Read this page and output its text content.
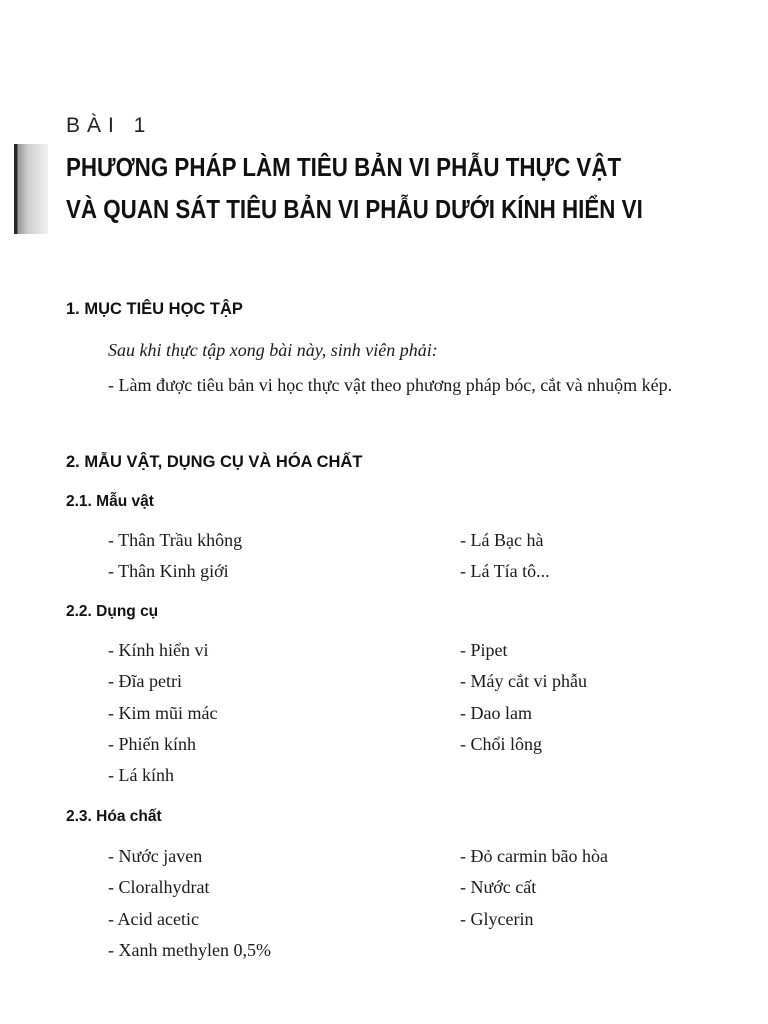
BÀI 1
PHƯƠNG PHÁP LÀM TIÊU BẢN VI PHẪU THỰC VẬT
VÀ QUAN SÁT TIÊU BẢN VI PHẪU DƯỚI KÍNH HIỂN VI
1. MỤC TIÊU HỌC TẬP
Sau khi thực tập xong bài này, sinh viên phải:

- Làm được tiêu bản vi học thực vật theo phương pháp bóc, cắt và nhuộm kép.

2. MẪU VẬT, DỤNG CỤ VÀ HÓA CHẤT
2.1. Mẫu vật
- Thân Trầu không
- Thân Kinh giới
- Lá Bạc hà
- Lá Tía tô...
2.2. Dụng cụ
- Kính hiển vi
- Đĩa petri
- Kim mũi mác
- Phiến kính
- Lá kính
- Pipet
- Máy cắt vi phẫu
- Dao lam
- Chổi lông
2.3. Hóa chất
- Nước javen
- Cloralhydrat
- Acid acetic
- Xanh methylen 0,5%
- Đỏ carmin bão hòa
- Nước cất
- Glycerin
